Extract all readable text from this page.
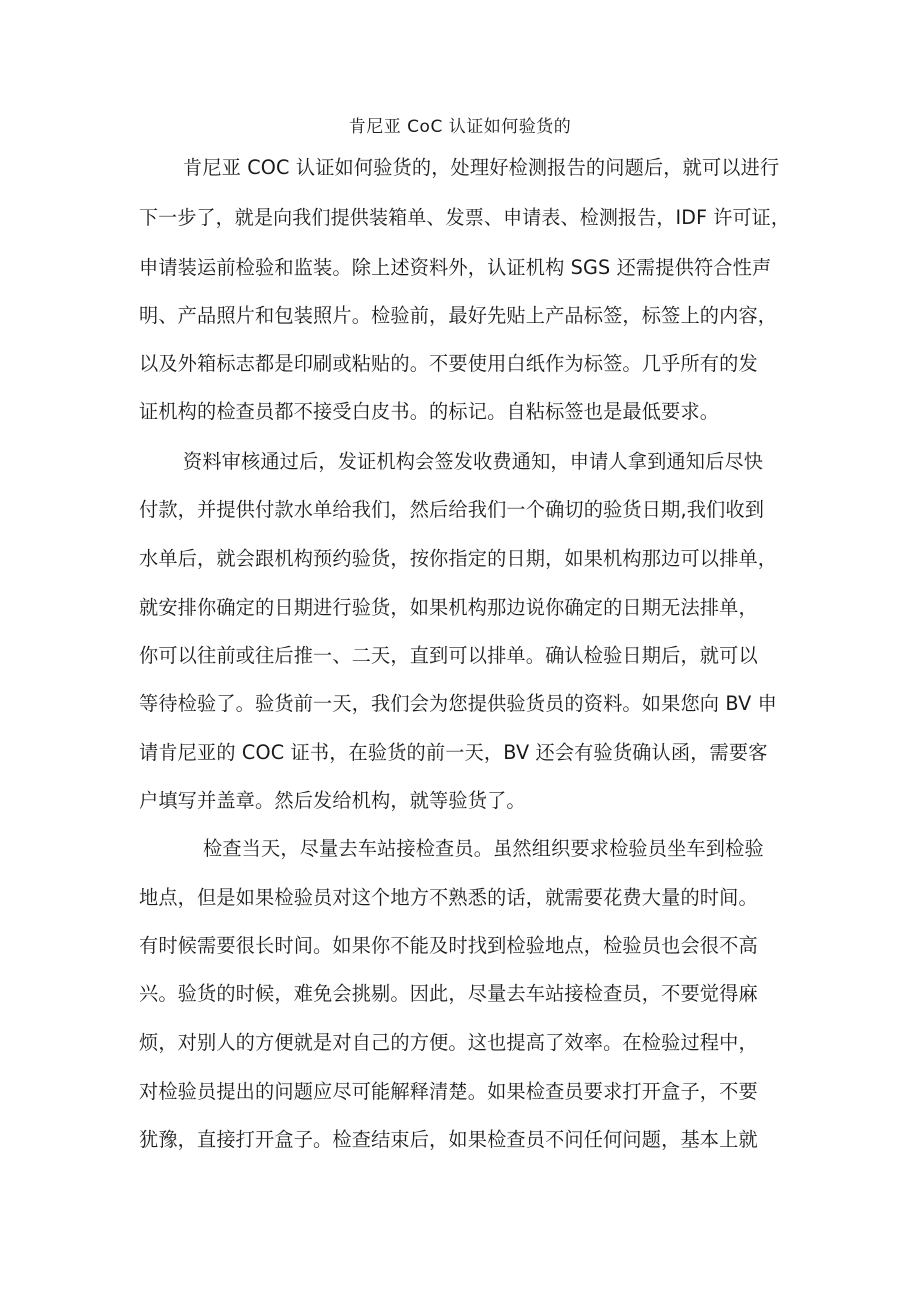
肯尼亚 CoC 认证如何验货的
肯尼亚 COC 认证如何验货的，处理好检测报告的问题后，就可以进行
下一步了，就是向我们提供装箱单、发票、申请表、检测报告，IDF 许可证，
申请装运前检验和监装。除上述资料外，认证机构 SGS 还需提供符合性声
明、产品照片和包装照片。检验前，最好先贴上产品标签，标签上的内容，
以及外箱标志都是印刷或粘贴的。不要使用白纸作为标签。几乎所有的发
证机构的检查员都不接受白皮书。的标记。自粘标签也是最低要求。
资料审核通过后，发证机构会签发收费通知，申请人拿到通知后尽快
付款，并提供付款水单给我们，然后给我们一个确切的验货日期,我们收到
水单后，就会跟机构预约验货，按你指定的日期，如果机构那边可以排单，
就安排你确定的日期进行验货，如果机构那边说你确定的日期无法排单，
你可以往前或往后推一、二天，直到可以排单。确认检验日期后，就可以
等待检验了。验货前一天，我们会为您提供验货员的资料。如果您向 BV 申
请肯尼亚的 COC 证书，在验货的前一天，BV 还会有验货确认函，需要客
户填写并盖章。然后发给机构，就等验货了。
检查当天，尽量去车站接检查员。虽然组织要求检验员坐车到检验
地点，但是如果检验员对这个地方不熟悉的话，就需要花费大量的时间。
有时候需要很长时间。如果你不能及时找到检验地点，检验员也会很不高
兴。验货的时候，难免会挑剔。因此，尽量去车站接检查员，不要觉得麻
烦，对别人的方便就是对自己的方便。这也提高了效率。在检验过程中，
对检验员提出的问题应尽可能解释清楚。如果检查员要求打开盒子，不要
犹豫，直接打开盒子。检查结束后，如果检查员不问任何问题，基本上就
